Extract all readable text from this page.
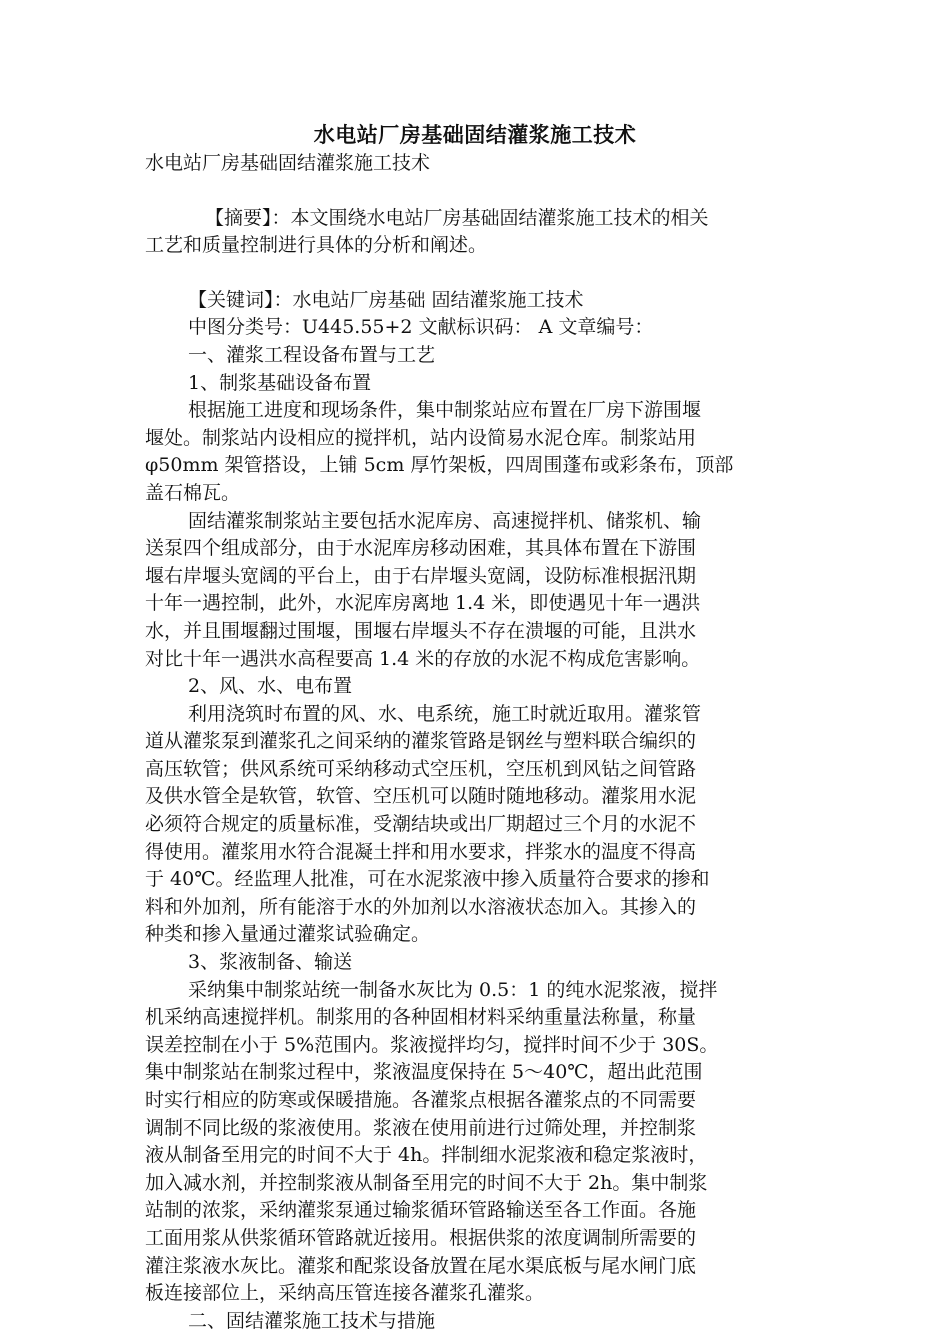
水电站厂房基础固结灌浆施工技术
水电站厂房基础固结灌浆施工技术
【摘要】：本文围绕水电站厂房基础固结灌浆施工技术的相关
工艺和质量控制进行具体的分析和阐述。
【关键词】：水电站厂房基础 固结灌浆施工技术
中图分类号：U445.55+2 文献标识码： A 文章编号：
一、灌浆工程设备布置与工艺
1、制浆基础设备布置
根据施工进度和现场条件，集中制浆站应布置在厂房下游围堰
堰处。制浆站内设相应的搅拌机，站内设简易水泥仓库。制浆站用
φ50mm 架管搭设，上铺 5cm 厚竹架板，四周围蓬布或彩条布，顶部
盖石棉瓦。
固结灌浆制浆站主要包括水泥库房、高速搅拌机、储浆机、输
送泵四个组成部分，由于水泥库房移动困难，其具体布置在下游围
堰右岸堰头宽阔的平台上，由于右岸堰头宽阔，设防标准根据汛期
十年一遇控制，此外，水泥库房离地 1.4 米，即使遇见十年一遇洪
水，并且围堰翻过围堰，围堰右岸堰头不存在溃堰的可能，且洪水
对比十年一遇洪水高程要高 1.4 米的存放的水泥不构成危害影响。
2、风、水、电布置
利用浇筑时布置的风、水、电系统，施工时就近取用。灌浆管
道从灌浆泵到灌浆孔之间采纳的灌浆管路是钢丝与塑料联合编织的
高压软管；供风系统可采纳移动式空压机，空压机到风钻之间管路
及供水管全是软管，软管、空压机可以随时随地移动。灌浆用水泥
必须符合规定的质量标准，受潮结块或出厂期超过三个月的水泥不
得使用。灌浆用水符合混凝土拌和用水要求，拌浆水的温度不得高
于 40℃。经监理人批准，可在水泥浆液中掺入质量符合要求的掺和
料和外加剂，所有能溶于水的外加剂以水溶液状态加入。其掺入的
种类和掺入量通过灌浆试验确定。
3、浆液制备、输送
采纳集中制浆站统一制备水灰比为 0.5：1 的纯水泥浆液，搅拌
机采纳高速搅拌机。制浆用的各种固相材料采纳重量法称量，称量
误差控制在小于 5%范围内。浆液搅拌均匀，搅拌时间不少于 30S。
集中制浆站在制浆过程中，浆液温度保持在 5～40℃，超出此范围
时实行相应的防寒或保暖措施。各灌浆点根据各灌浆点的不同需要
调制不同比级的浆液使用。浆液在使用前进行过筛处理，并控制浆
液从制备至用完的时间不大于 4h。拌制细水泥浆液和稳定浆液时，
加入减水剂，并控制浆液从制备至用完的时间不大于 2h。集中制浆
站制的浓浆，采纳灌浆泵通过输浆循环管路输送至各工作面。各施
工面用浆从供浆循环管路就近接用。根据供浆的浓度调制所需要的
灌注浆液水灰比。灌浆和配浆设备放置在尾水渠底板与尾水闸门底
板连接部位上，采纳高压管连接各灌浆孔灌浆。
二、固结灌浆施工技术与措施
